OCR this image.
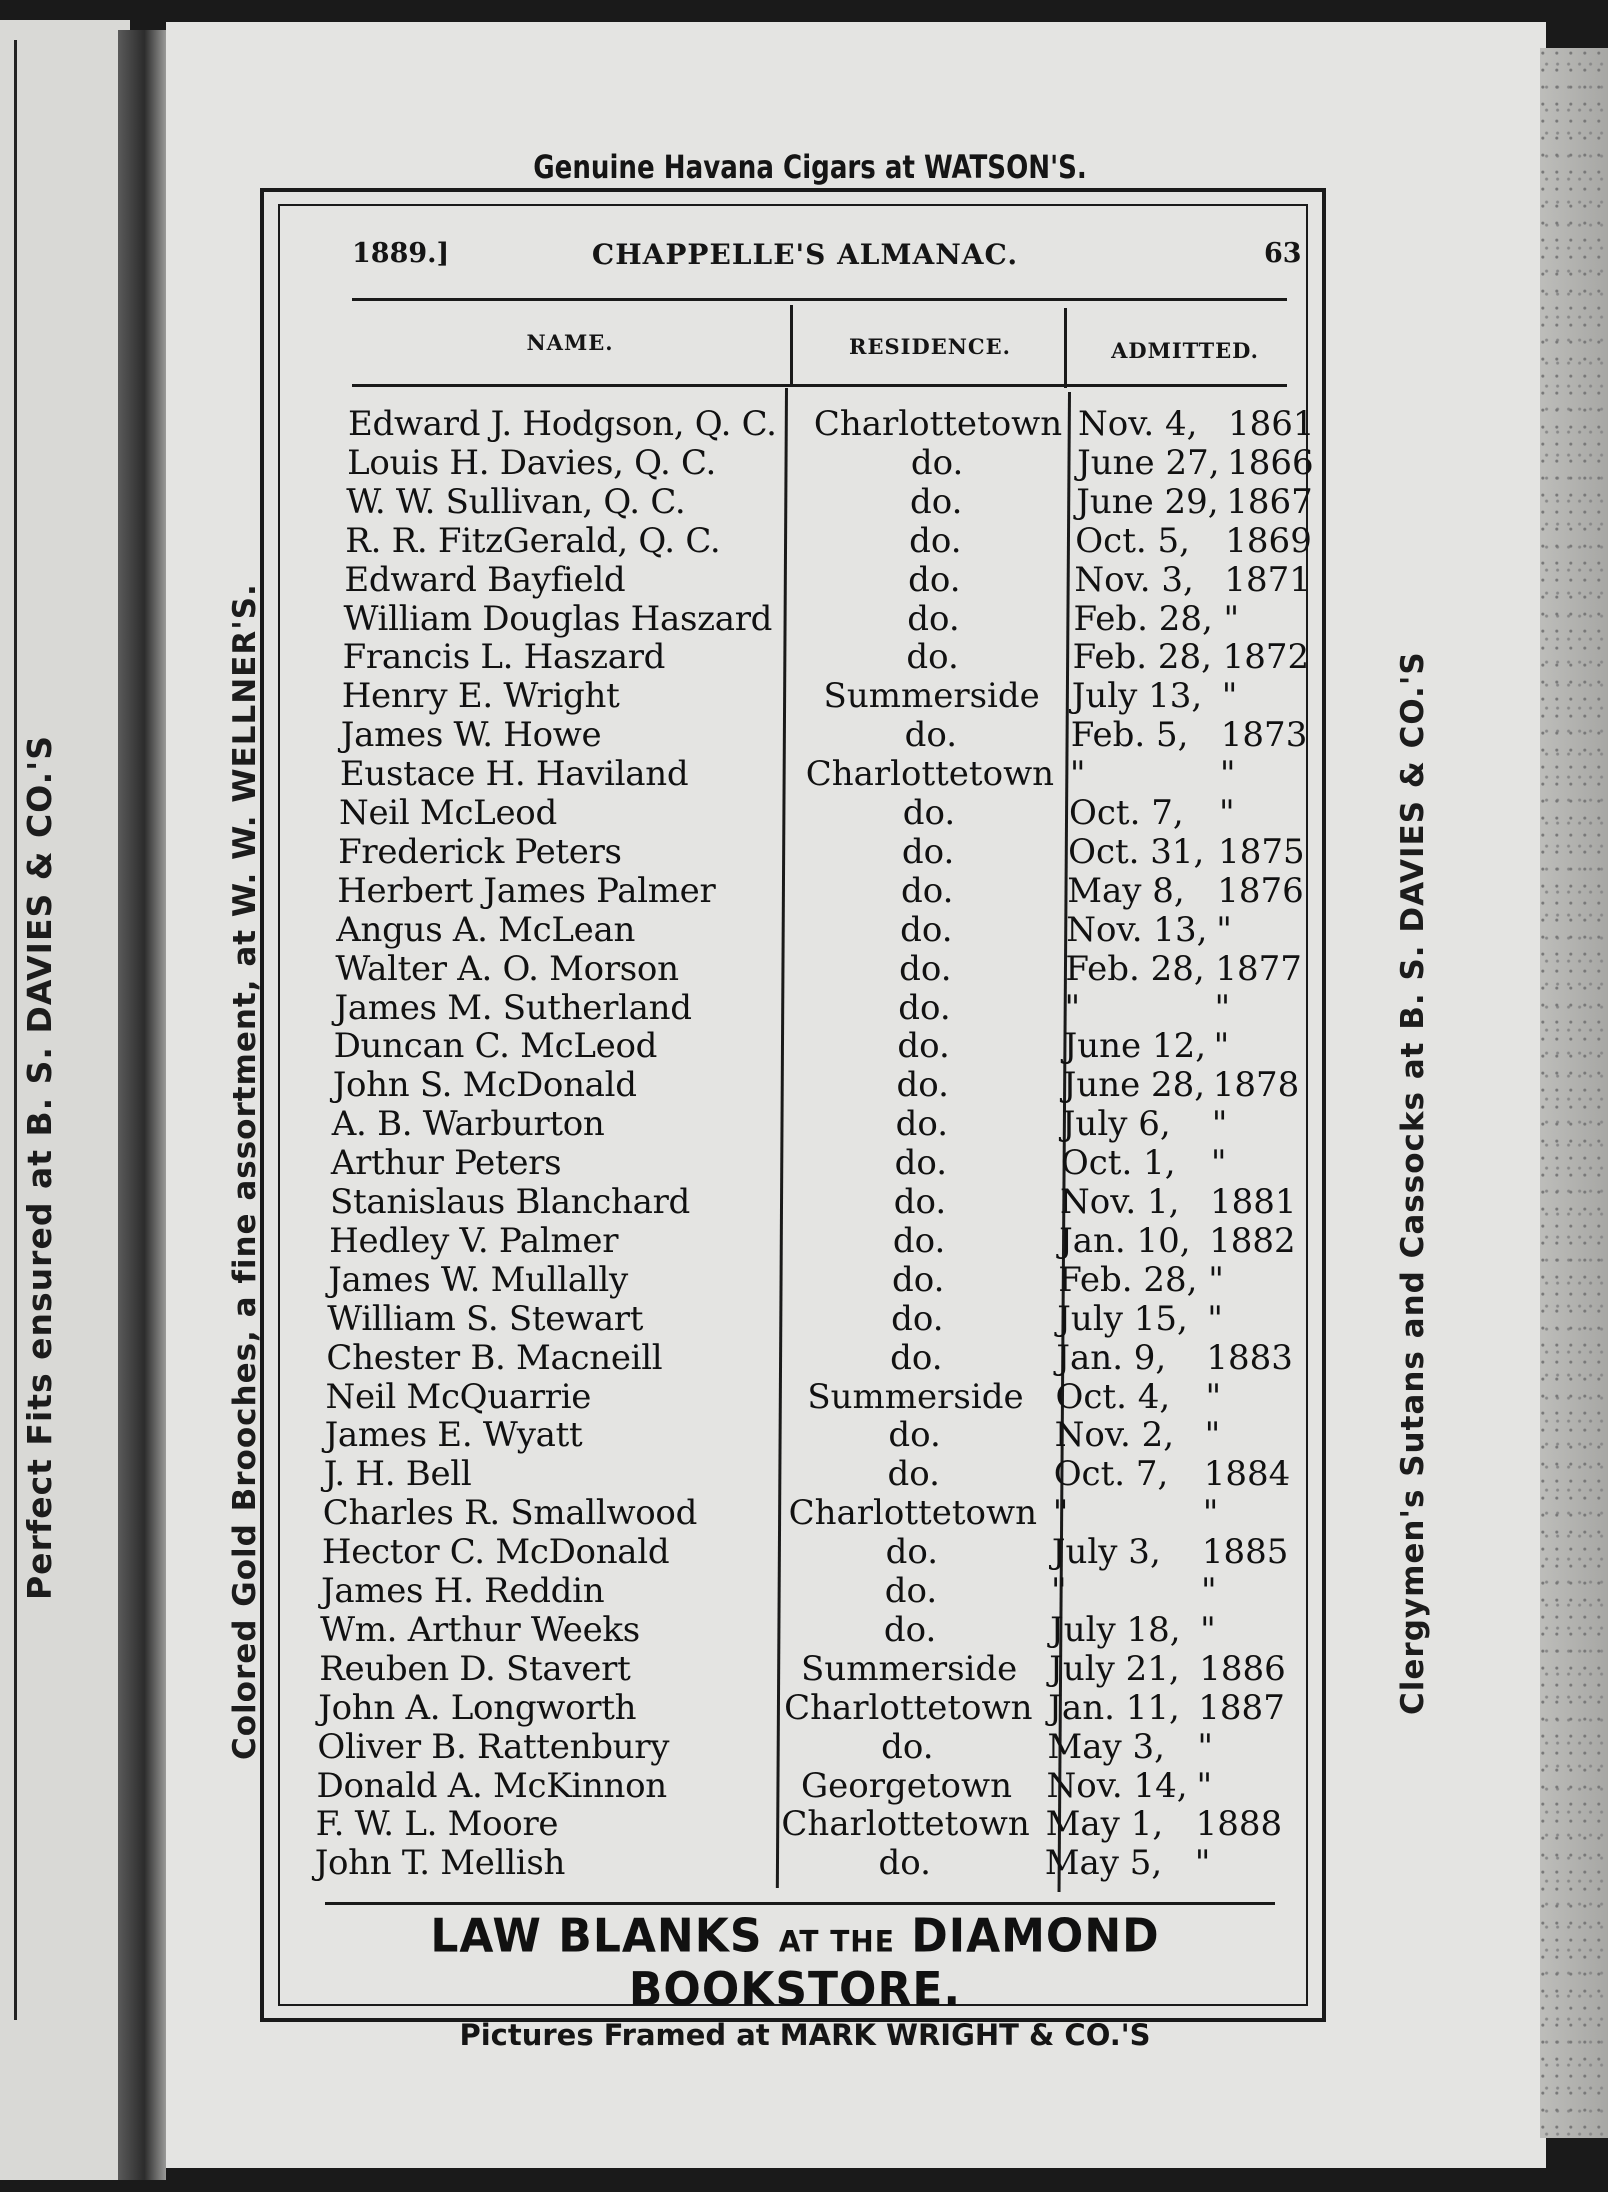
Perfect Fits ensured at B. S. DAVIES & CO.'S	Colored Gold Brooches, a fine assortment, at W. W. WELLNER'S.	Clergymen's Sutans and Cassocks at B. S. DAVIES & CO.'S
Genuine Havana Cigars at WATSON'S.
1889.]	CHAPPELLE'S ALMANAC.	63
NAME.	RESIDENCE.	ADMITTED.
Edward J. Hodgson, Q. C.	Charlottetown Nov. 4, 1861
Louis H. Davies, Q. C.	do.	June 27, 1866
W. W. Sullivan, Q. C.	do.	June 29, 1867
R. R. FitzGerald, Q. C.	do.	Oct. 5,	1869
Edward Bayfield	do.	Nov. 3, 1871
William Douglas Haszard	do.	Feb. 28, "
Francis L. Haszard	do.	Feb. 28, 1872
Henry E. Wright	Summerside July 13, "
James W. Howe	do.	Feb. 5, 1873
Eustace H. Haviland	Charlottetown "	"
Neil McLeod	do.	Oct. 7,	"
Frederick Peters	do.	Oct. 31, 1875
Herbert James Palmer	do.	May 8, 1876
Angus A. McLean	do.	Nov. 13, "
Walter A. O. Morson	do.	Feb. 28, 1877
James M. Sutherland	do.	"	"
Duncan C. McLeod	do.	June 12, "
John S. McDonald	do.	June 28, 1878
A. B. Warburton	do.	July 6,	"
Arthur Peters	do.	Oct. 1,	"
Stanislaus Blanchard	do.	Nov. 1, 1881
Hedley V. Palmer	do.	Jan. 10, 1882
James W. Mullally	do.	Feb. 28, "
William S. Stewart	do.	July 15, "
Chester B. Macneill	do.	Jan. 9,	1883
Neil McQuarrie	Summerside Oct. 4,	"
James E. Wyatt	do.	Nov. 2, "
J. H. Bell	do.	Oct. 7,	1884
Charles R. Smallwood	Charlottetown "	"
Hector C. McDonald	do.	July 3,	1885
James H. Reddin	do.	"	"
Wm. Arthur Weeks	do.	July 18, "
Reuben D. Stavert	Summerside July 21, 1886
John A. Longworth	Charlottetown Jan. 11, 1887
Oliver B. Rattenbury	do.	May 3, "
Donald A. McKinnon	Georgetown	Nov. 14, "
F. W. L. Moore	Charlottetown May 1, 1888
John T. Mellish	do.	May 5, "
LAW BLANKS AT THE DIAMOND BOOKSTORE.
Pictures Framed at MARK WRIGHT & CO.'S
